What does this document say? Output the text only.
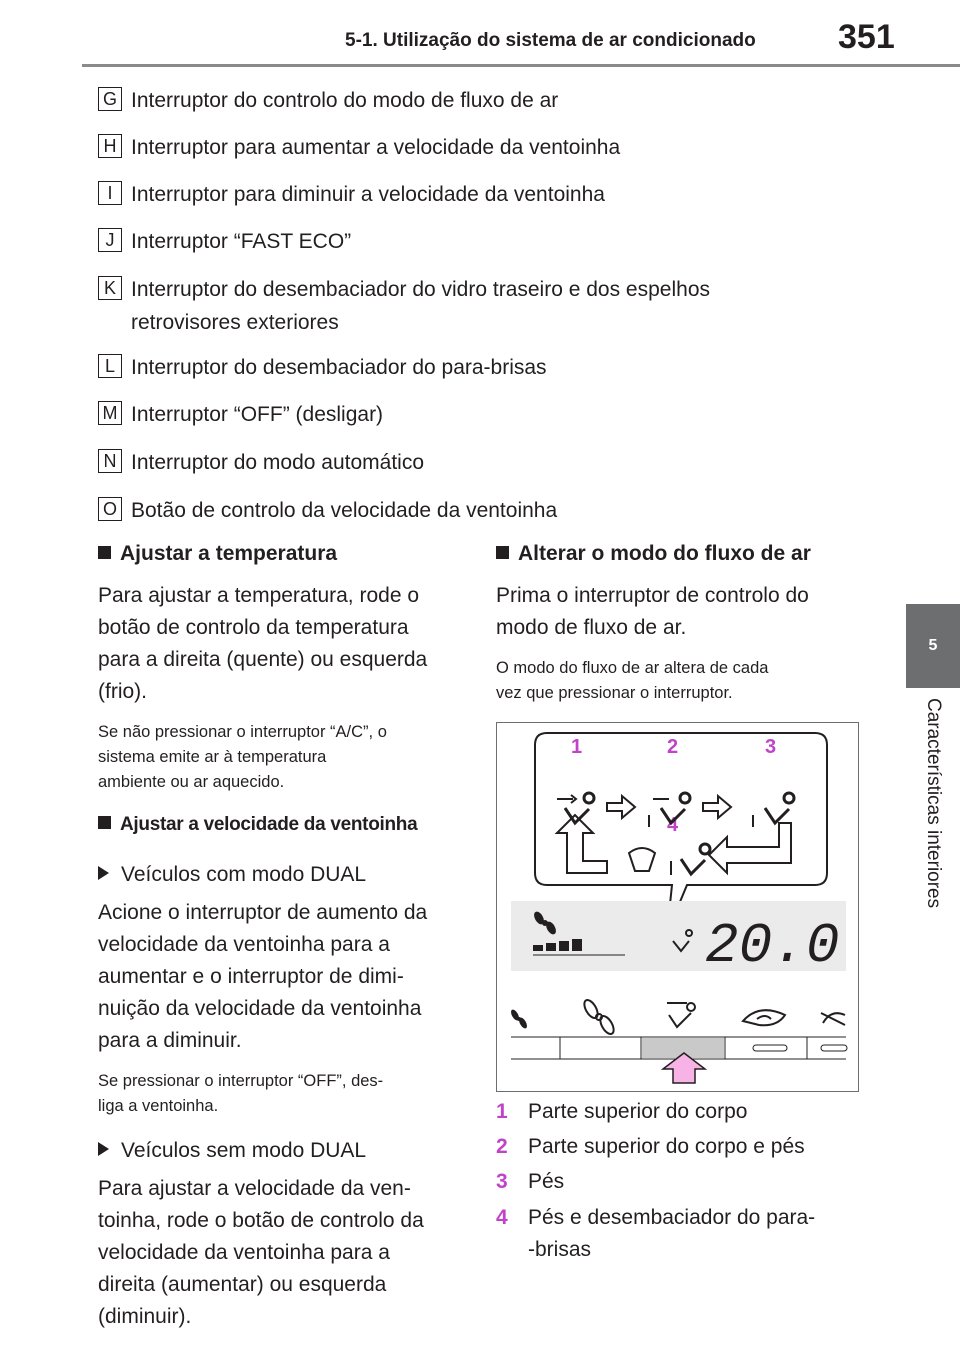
5-1. Utilização do sistema de ar condicionado 351
5
Características interiores
G Interruptor do controlo do modo de fluxo de ar
H Interruptor para aumentar a velocidade da ventoinha
I Interruptor para diminuir a velocidade da ventoinha
J Interruptor “FAST ECO”
K Interruptor do desembaciador do vidro traseiro e dos espelhos
retrovisores exteriores
L Interruptor do desembaciador do para-brisas
M Interruptor “OFF” (desligar)
N Interruptor do modo automático
O Botão de controlo da velocidade da ventoinha
Ajustar a temperatura
Para ajustar a temperatura, rode o
botão de controlo da temperatura
para a direita (quente) ou esquerda
(frio).
Se não pressionar o interruptor “A/C”, o
sistema emite ar à temperatura
ambiente ou ar aquecido.
Ajustar a velocidade da ventoinha
Veículos com modo DUAL
Acione o interruptor de aumento da
velocidade da ventoinha para a
aumentar e o interruptor de dimi-
nuição da velocidade da ventoinha
para a diminuir.
Se pressionar o interruptor “OFF”, des-
liga a ventoinha.
Veículos sem modo DUAL
Para ajustar a velocidade da ven-
toinha, rode o botão de controlo da
velocidade da ventoinha para a
direita (aumentar) ou esquerda
(diminuir).
Alterar o modo do fluxo de ar
Prima o interruptor de controlo do
modo de fluxo de ar.
O modo do fluxo de ar altera de cada
vez que pressionar o interruptor.
1	2	3
4
20.0
1 Parte superior do corpo
2 Parte superior do corpo e pés
3 Pés
4 Pés e desembaciador do para-
-brisas
